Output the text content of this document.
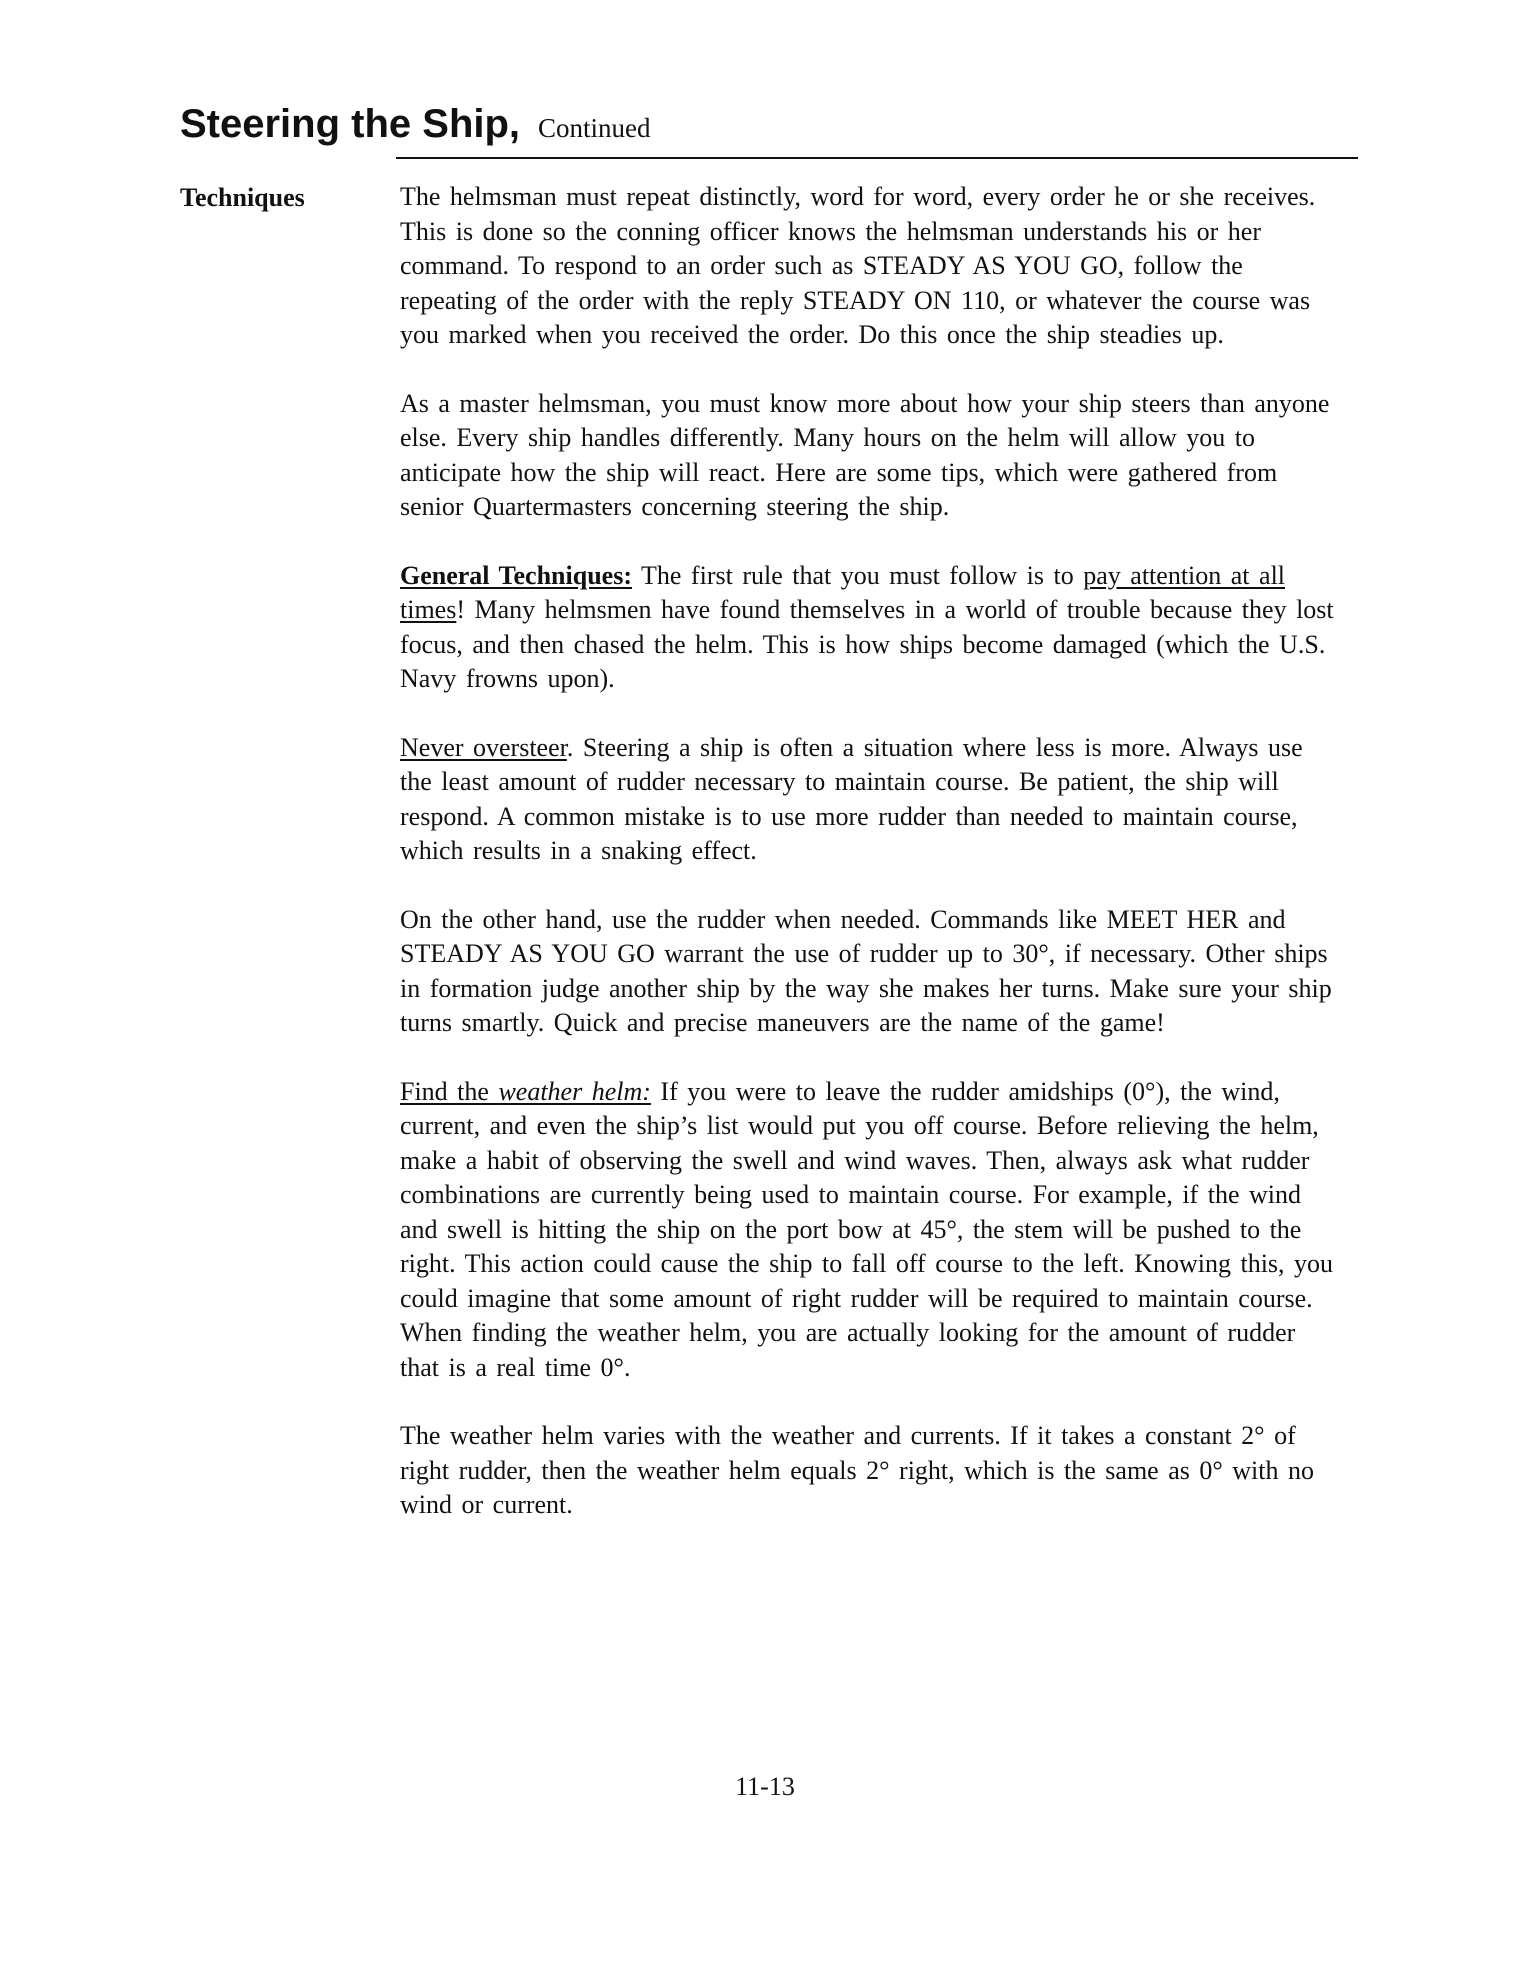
Steering the Ship, Continued
Techniques	The helmsman must repeat distinctly, word for word, every order he or she receives. This is done so the conning officer knows the helmsman understands his or her command. To respond to an order such as STEADY AS YOU GO, follow the repeating of the order with the reply STEADY ON 110, or whatever the course was you marked when you received the order. Do this once the ship steadies up.

As a master helmsman, you must know more about how your ship steers than anyone else. Every ship handles differently. Many hours on the helm will allow you to anticipate how the ship will react. Here are some tips, which were gathered from senior Quartermasters concerning steering the ship.

General Techniques: The first rule that you must follow is to pay attention at all times! Many helmsmen have found themselves in a world of trouble because they lost focus, and then chased the helm. This is how ships become damaged (which the U.S. Navy frowns upon).

Never oversteer. Steering a ship is often a situation where less is more. Always use the least amount of rudder necessary to maintain course. Be patient, the ship will respond. A common mistake is to use more rudder than needed to maintain course, which results in a snaking effect.

On the other hand, use the rudder when needed. Commands like MEET HER and STEADY AS YOU GO warrant the use of rudder up to 30°, if necessary. Other ships in formation judge another ship by the way she makes her turns. Make sure your ship turns smartly. Quick and precise maneuvers are the name of the game!

Find the weather helm: If you were to leave the rudder amidships (0°), the wind, current, and even the ship’s list would put you off course. Before relieving the helm, make a habit of observing the swell and wind waves. Then, always ask what rudder combinations are currently being used to maintain course. For example, if the wind and swell is hitting the ship on the port bow at 45°, the stem will be pushed to the right. This action could cause the ship to fall off course to the left. Knowing this, you could imagine that some amount of right rudder will be required to maintain course. When finding the weather helm, you are actually looking for the amount of rudder that is a real time 0°.

The weather helm varies with the weather and currents. If it takes a constant 2° of right rudder, then the weather helm equals 2° right, which is the same as 0° with no wind or current.

11-13
